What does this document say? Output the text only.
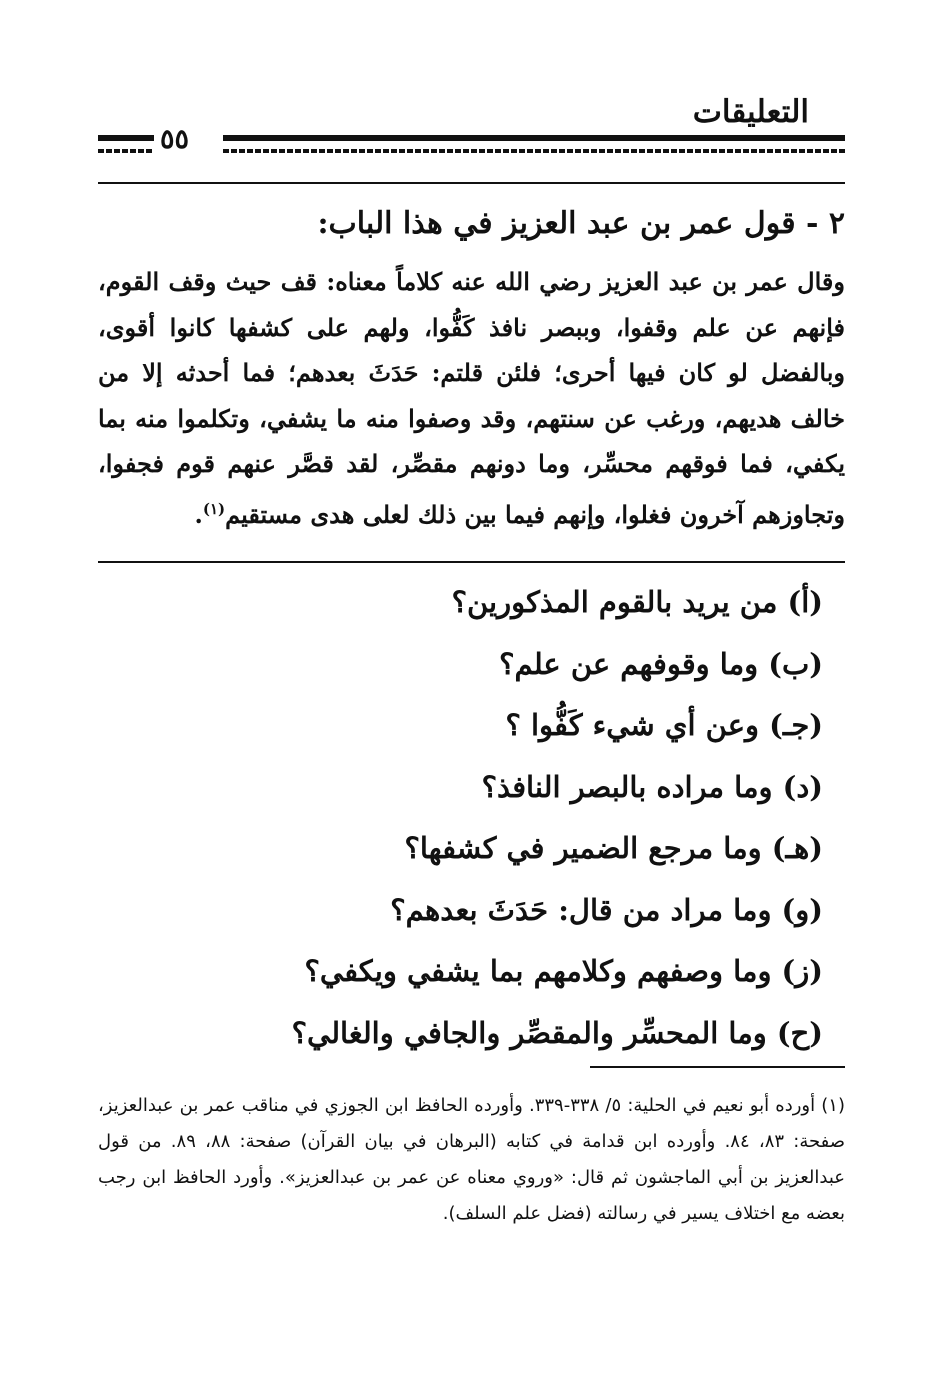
التعليقات
٥٥
٢ - قول عمر بن عبد العزيز في هذا الباب:
وقال عمر بن عبد العزيز رضي الله عنه كلاماً معناه: قف حيث وقف القوم، فإنهم عن علم وقفوا، وببصر نافذ كَفُّوا، ولهم على كشفها كانوا أقوى، وبالفضل لو كان فيها أحرى؛ فلئن قلتم: حَدَثَ بعدهم؛ فما أحدثه إلا من خالف هديهم، ورغب عن سنتهم، وقد وصفوا منه ما يشفي، وتكلموا منه بما يكفي، فما فوقهم محسِّر، وما دونهم مقصِّر، لقد قصَّر عنهم قوم فجفوا، وتجاوزهم آخرون فغلوا، وإنهم فيما بين ذلك لعلى هدى مستقيم$^{(١)}$.
(أ) من يريد بالقوم المذكورين؟
(ب) وما وقوفهم عن علم؟
(جـ) وعن أي شيء كَفُّوا ؟
(د) وما مراده بالبصر النافذ؟
(هـ) وما مرجع الضمير في كشفها؟
(و) وما مراد من قال: حَدَثَ بعدهم؟
(ز) وما وصفهم وكلامهم بما يشفي ويكفي؟
(ح) وما المحسِّر والمقصِّر والجافي والغالي؟
(١) أورده أبو نعيم في الحلية: ٥/ ٣٣٨-٣٣٩. وأورده الحافظ ابن الجوزي في مناقب عمر بن عبدالعزيز، صفحة: ٨٣، ٨٤. وأورده ابن قدامة في كتابه (البرهان في بيان القرآن) صفحة: ٨٨، ٨٩. من قول عبدالعزيز بن أبي الماجشون ثم قال: «وروي معناه عن عمر بن عبدالعزيز». وأورد الحافظ ابن رجب بعضه مع اختلاف يسير في رسالته (فضل علم السلف).
